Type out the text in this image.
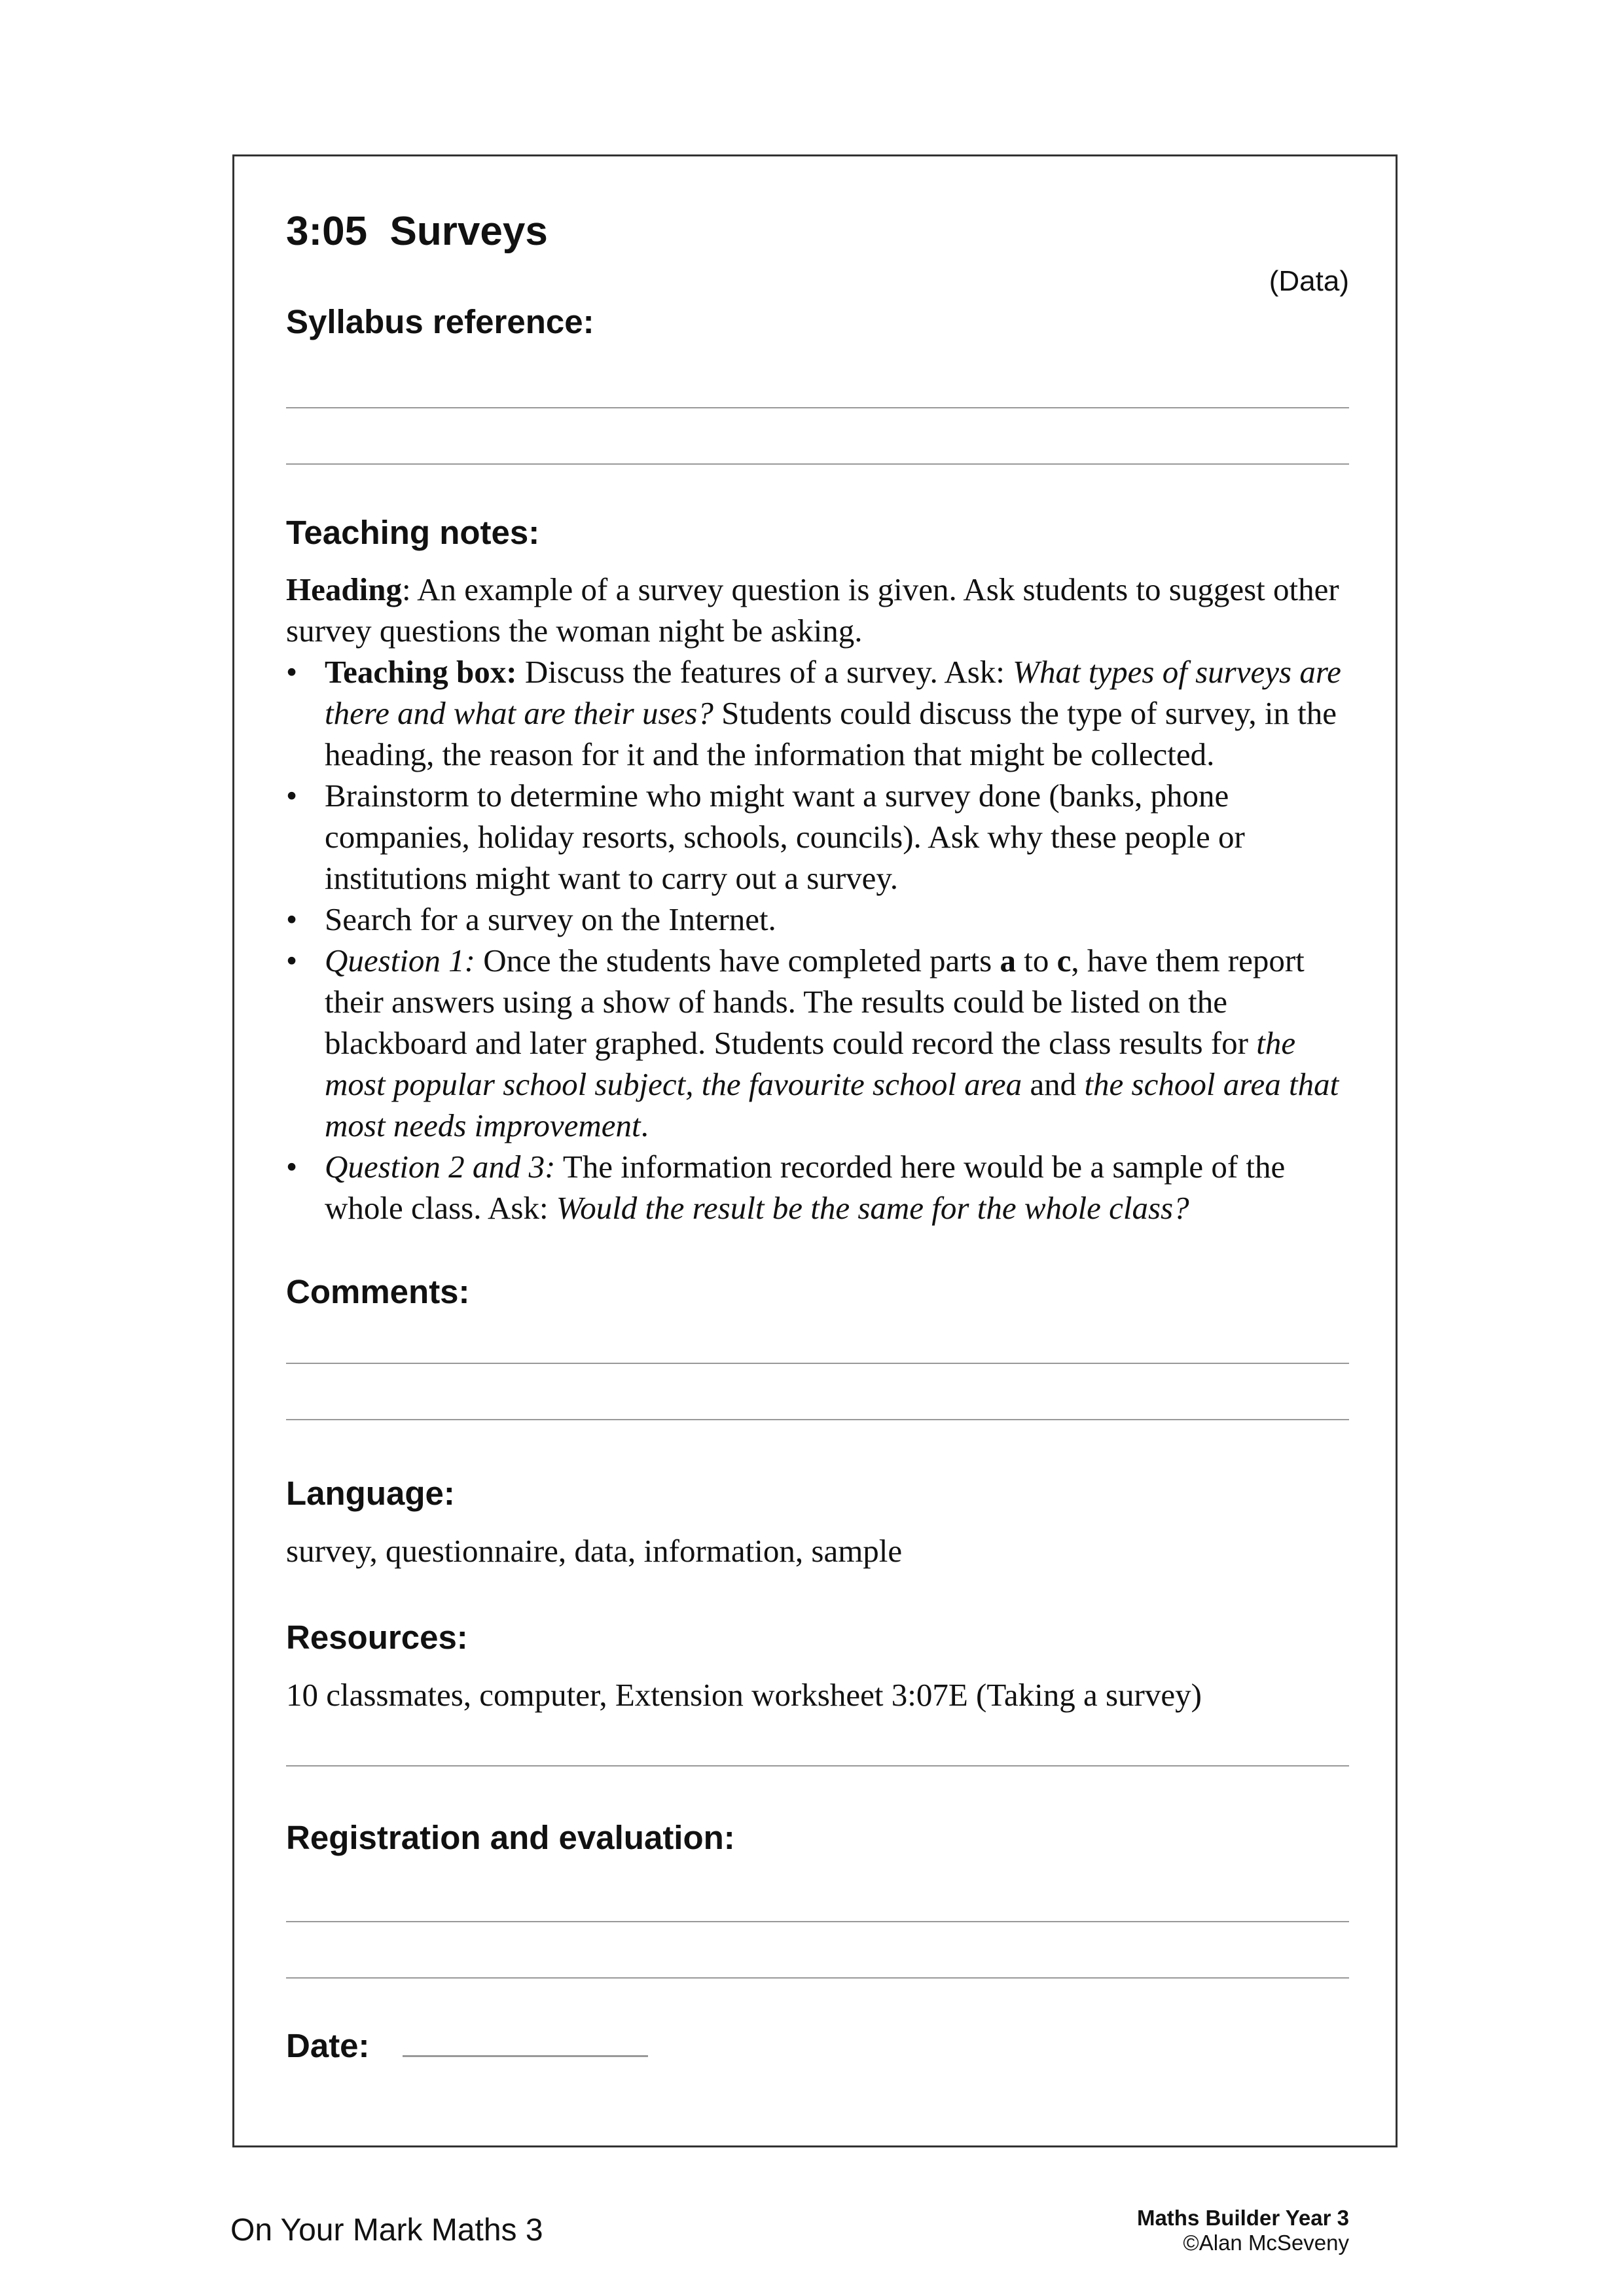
3:05  Surveys
(Data)
Syllabus reference:
Teaching notes:

Heading: An example of a survey question is given. Ask students to suggest other survey questions the woman night be asking.

• Teaching box: Discuss the features of a survey. Ask: What types of surveys are there and what are their uses? Students could discuss the type of survey, in the heading, the reason for it and the information that might be collected.
• Brainstorm to determine who might want a survey done (banks, phone companies, holiday resorts, schools, councils). Ask why these people or institutions might want to carry out a survey.
• Search for a survey on the Internet.
• Question 1: Once the students have completed parts a to c, have them report their answers using a show of hands. The results could be listed on the blackboard and later graphed. Students could record the class results for the most popular school subject, the favourite school area and the school area that most needs improvement.
• Question 2 and 3: The information recorded here would be a sample of the whole class. Ask: Would the result be the same for the whole class?
Comments:
Language:
survey, questionnaire, data, information, sample
Resources:
10 classmates, computer, Extension worksheet 3:07E (Taking a survey)
Registration and evaluation:
Date:
On Your Mark Maths 3	Maths Builder Year 3
©Alan McSeveny
